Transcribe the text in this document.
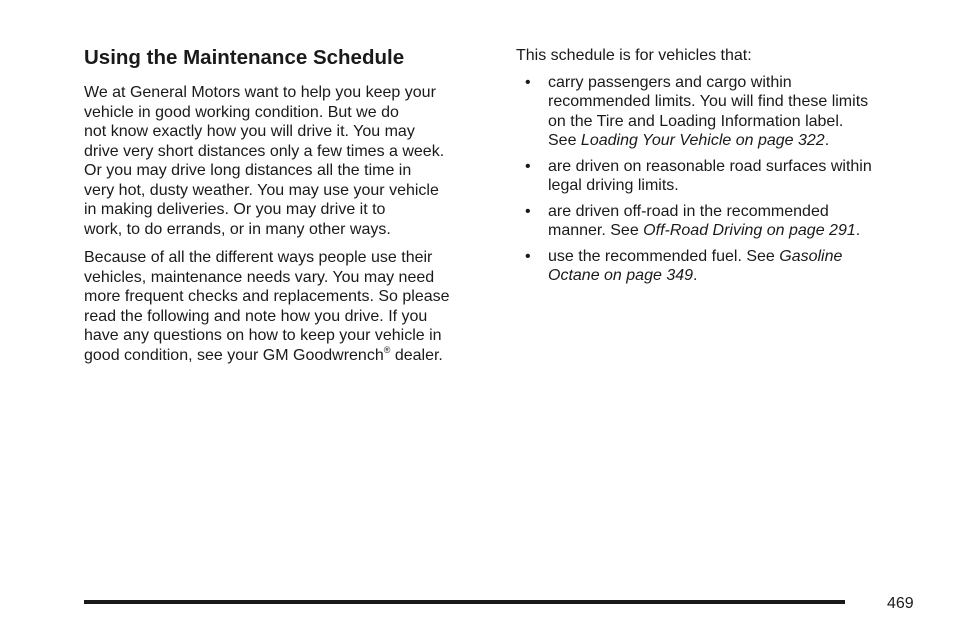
Using the Maintenance Schedule

We at General Motors want to help you keep your
vehicle in good working condition. But we do
not know exactly how you will drive it. You may
drive very short distances only a few times a week.
Or you may drive long distances all the time in
very hot, dusty weather. You may use your vehicle
in making deliveries. Or you may drive it to
work, to do errands, or in many other ways.

Because of all the different ways people use their
vehicles, maintenance needs vary. You may need
more frequent checks and replacements. So please
read the following and note how you drive. If you
have any questions on how to keep your vehicle in
good condition, see your GM Goodwrench® dealer.

This schedule is for vehicles that:

• carry passengers and cargo within
recommended limits. You will find these limits
on the Tire and Loading Information label.
See Loading Your Vehicle on page 322.
• are driven on reasonable road surfaces within
legal driving limits.
• are driven off-road in the recommended
manner. See Off-Road Driving on page 291.
• use the recommended fuel. See Gasoline
Octane on page 349.
469
